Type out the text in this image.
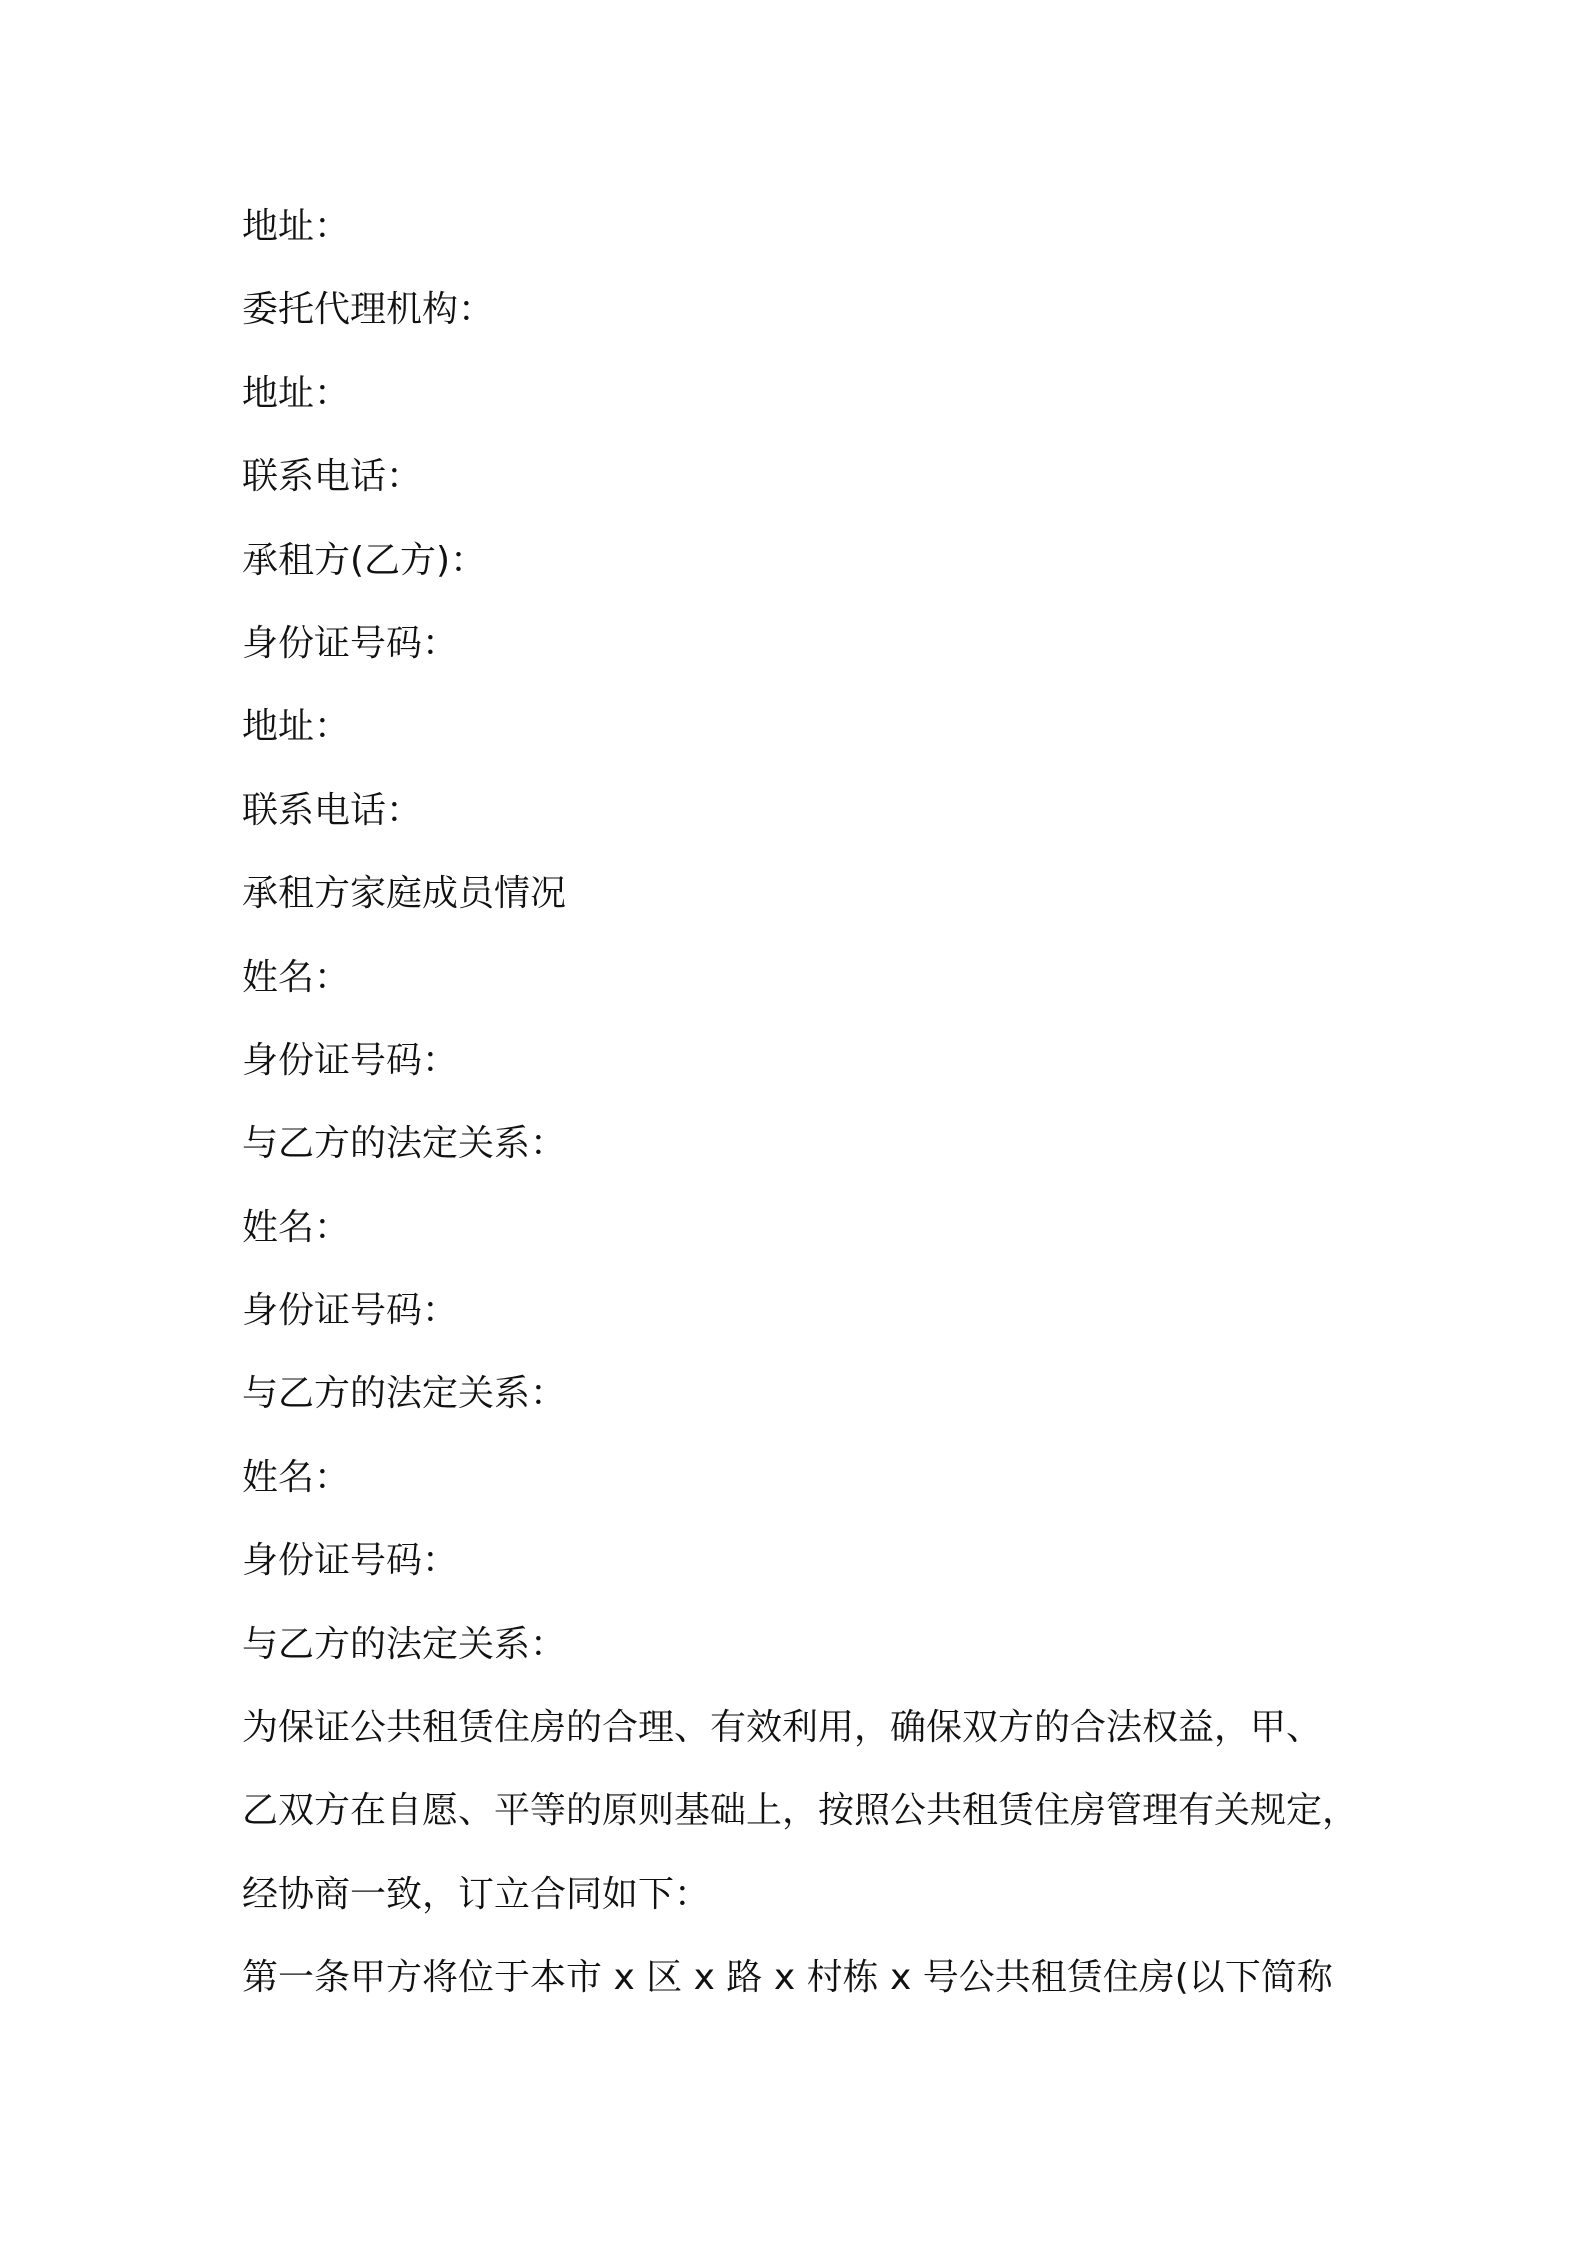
地址：
委托代理机构：
地址：
联系电话：
承租方(乙方)：
身份证号码：
地址：
联系电话：
承租方家庭成员情况
姓名：
身份证号码：
与乙方的法定关系：
姓名：
身份证号码：
与乙方的法定关系：
姓名：
身份证号码：
与乙方的法定关系：
为保证公共租赁住房的合理、有效利用，确保双方的合法权益，甲、
乙双方在自愿、平等的原则基础上，按照公共租赁住房管理有关规定，
经协商一致，订立合同如下：
第一条甲方将位于本市 x 区 x 路 x 村栋 x 号公共租赁住房(以下简称
